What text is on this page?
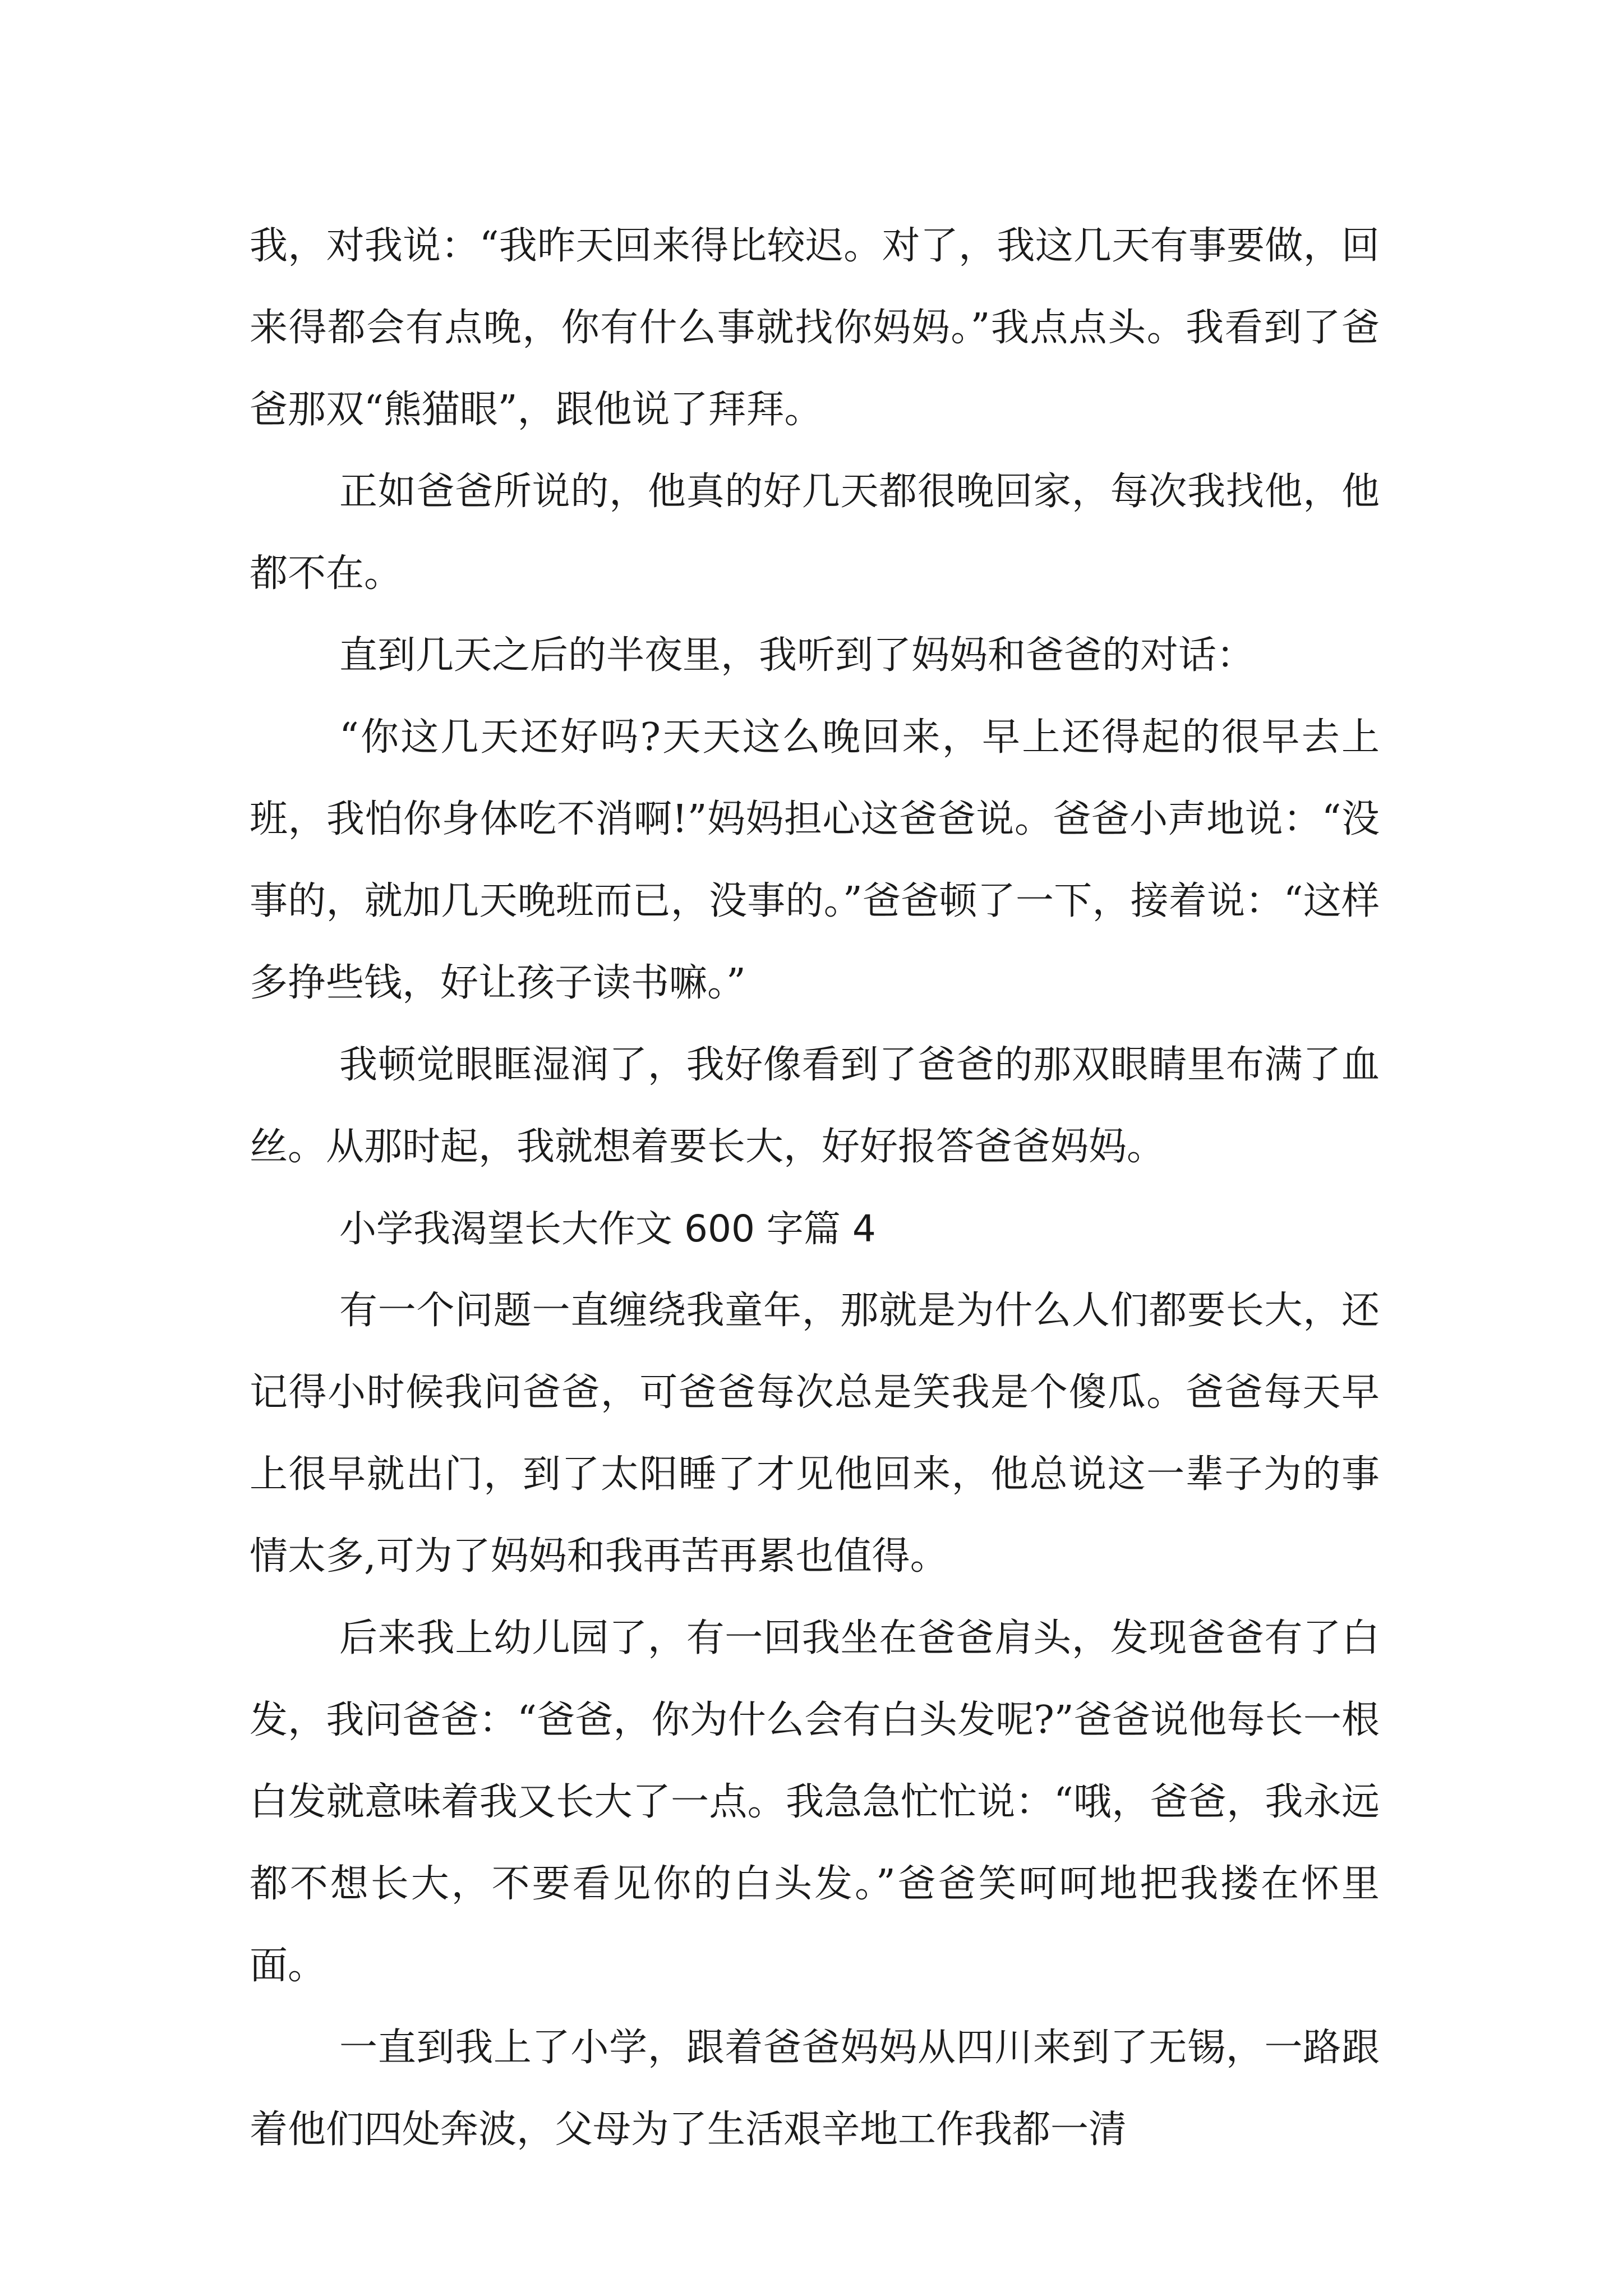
我，对我说：“我昨天回来得比较迟。对了，我这几天有事要做，回来得都会有点晚，你有什么事就找你妈妈。”我点点头。我看到了爸爸那双“熊猫眼”，跟他说了拜拜。

正如爸爸所说的，他真的好几天都很晚回家，每次我找他，他都不在。

直到几天之后的半夜里，我听到了妈妈和爸爸的对话：

“你这几天还好吗?天天这么晚回来，早上还得起的很早去上班，我怕你身体吃不消啊!”妈妈担心这爸爸说。爸爸小声地说：“没事的，就加几天晚班而已，没事的。”爸爸顿了一下，接着说：“这样多挣些钱，好让孩子读书嘛。”

我顿觉眼眶湿润了，我好像看到了爸爸的那双眼睛里布满了血丝。从那时起，我就想着要长大，好好报答爸爸妈妈。

小学我渴望长大作文 600 字篇 4

有一个问题一直缠绕我童年，那就是为什么人们都要长大，还记得小时候我问爸爸，可爸爸每次总是笑我是个傻瓜。爸爸每天早上很早就出门，到了太阳睡了才见他回来，他总说这一辈子为的事情太多,可为了妈妈和我再苦再累也值得。

后来我上幼儿园了，有一回我坐在爸爸肩头，发现爸爸有了白发，我问爸爸：“爸爸，你为什么会有白头发呢?”爸爸说他每长一根白发就意味着我又长大了一点。我急急忙忙说：“哦，爸爸，我永远都不想长大，不要看见你的白头发。”爸爸笑呵呵地把我搂在怀里面。

一直到我上了小学，跟着爸爸妈妈从四川来到了无锡，一路跟着他们四处奔波，父母为了生活艰辛地工作我都一清
